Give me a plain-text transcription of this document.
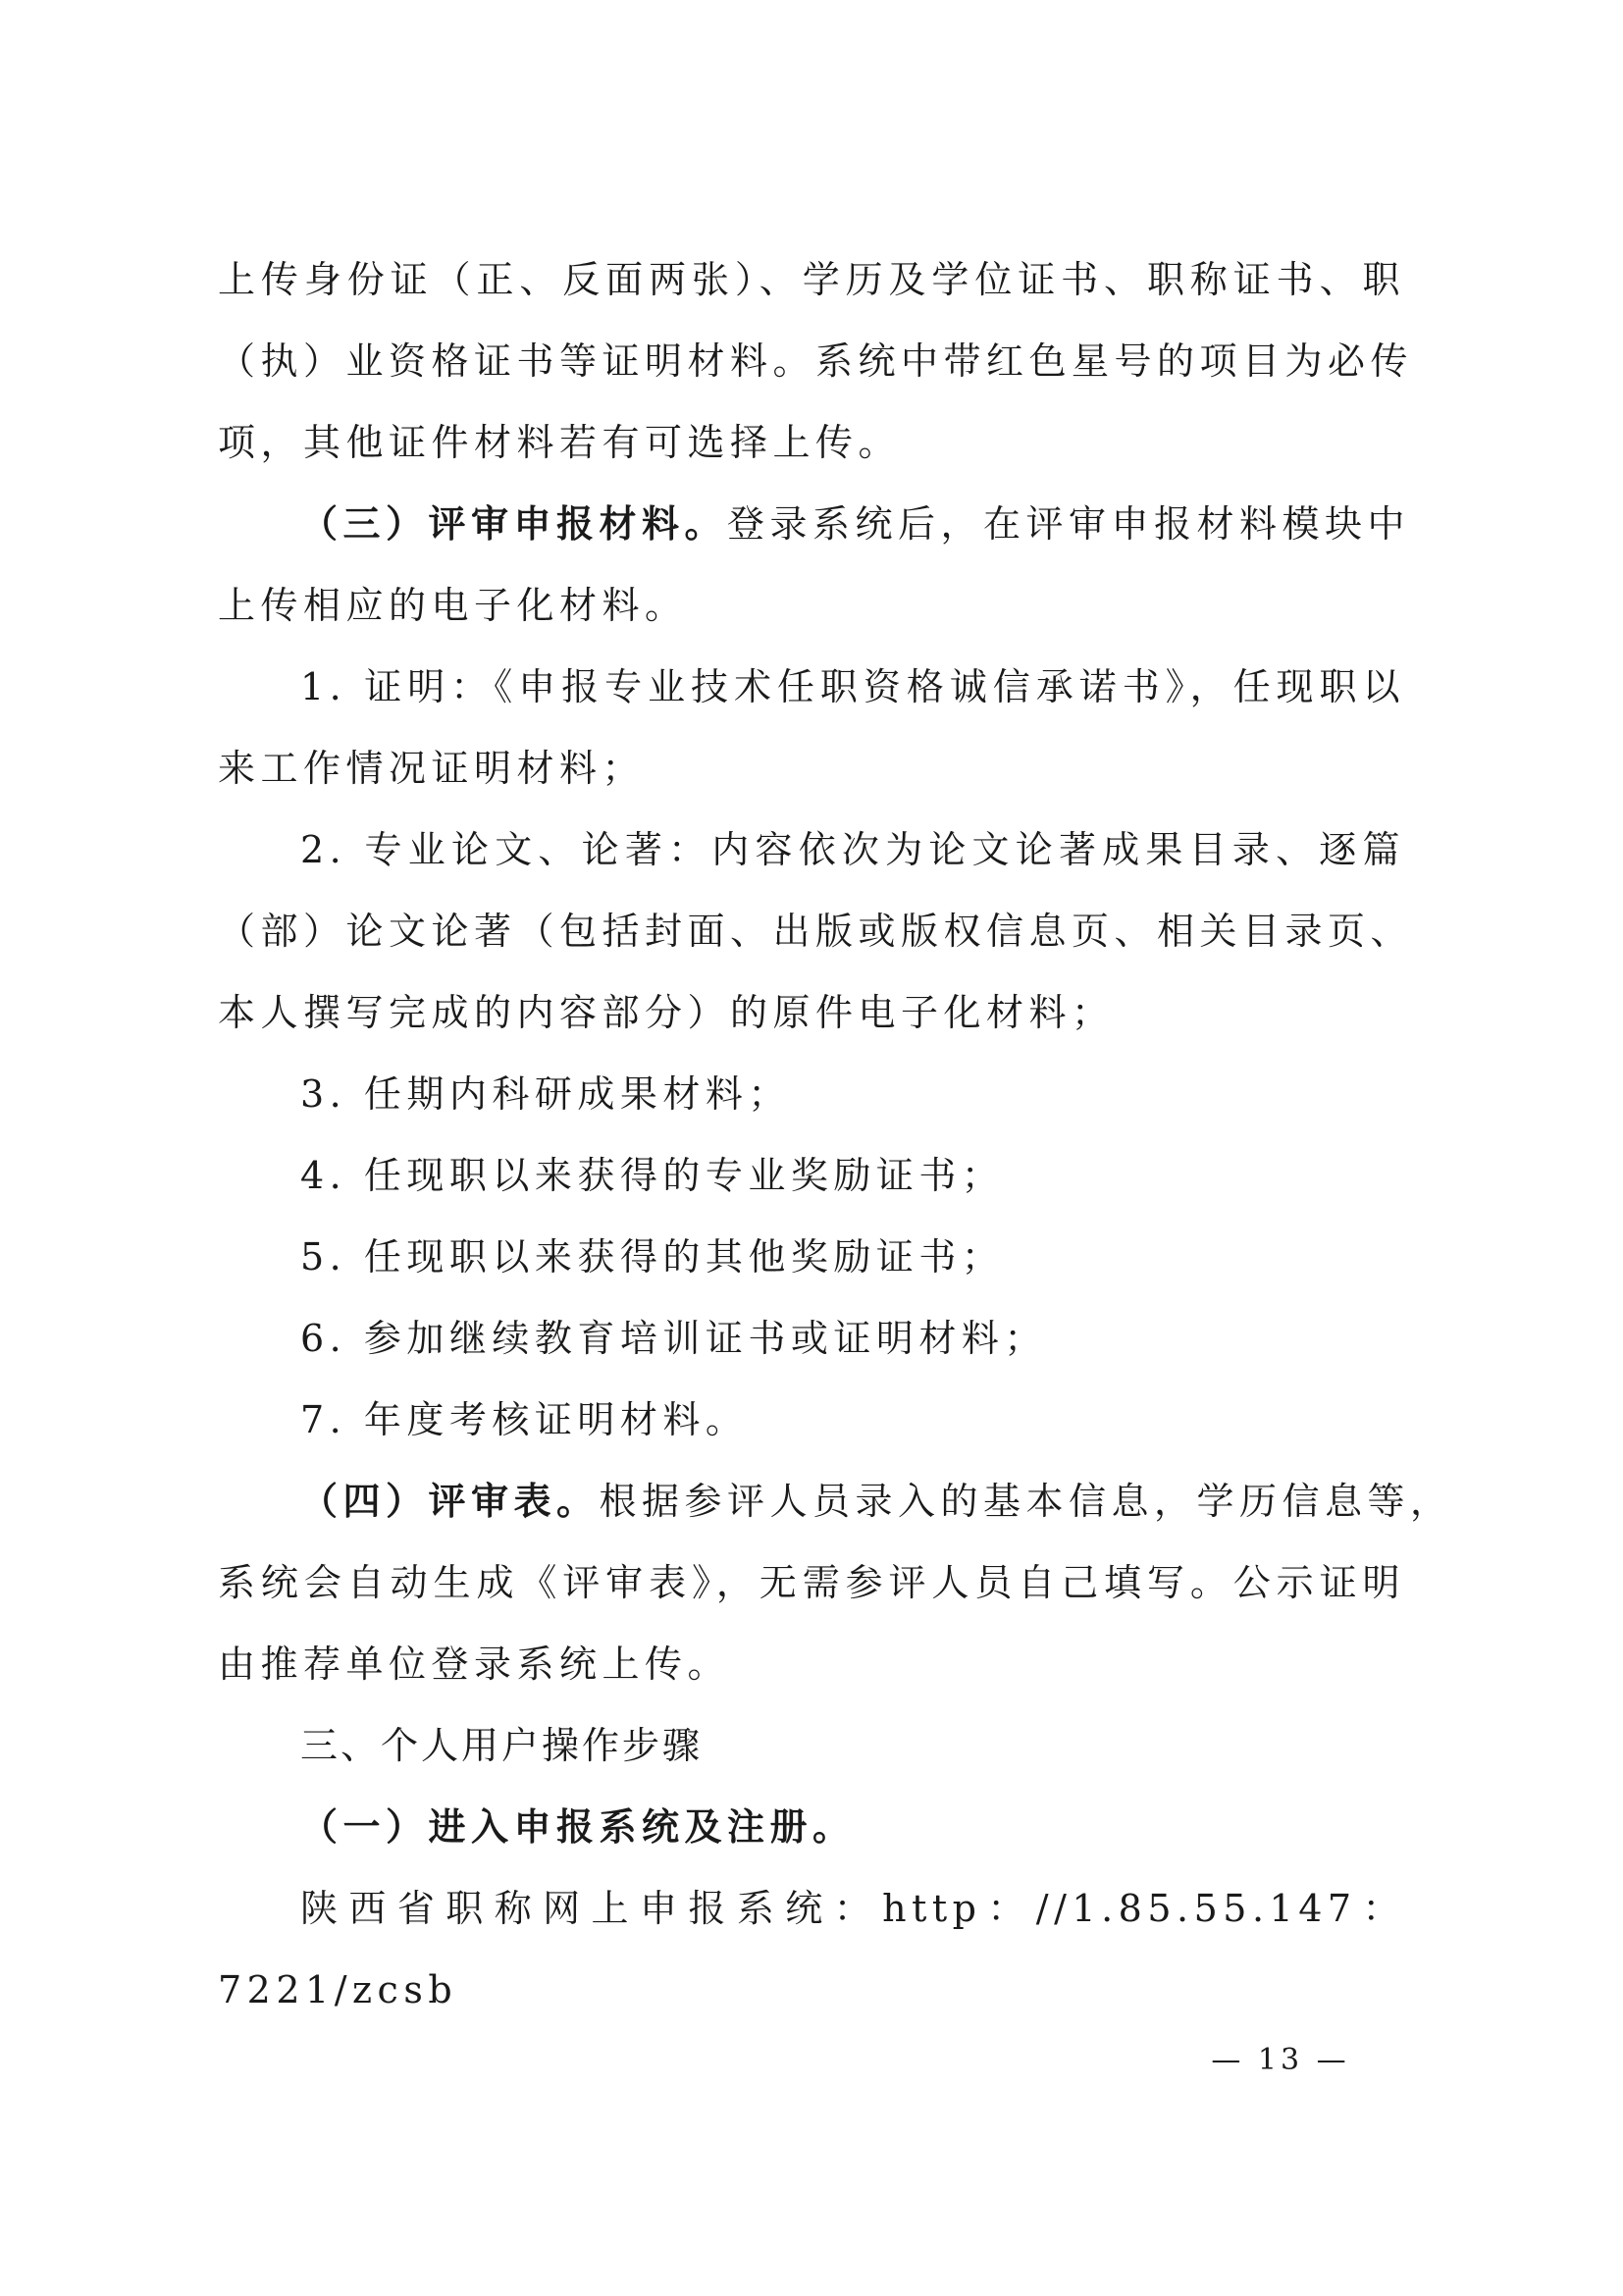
上传身份证（正、反面两张）、学历及学位证书、职称证书、职
（执）业资格证书等证明材料。系统中带红色星号的项目为必传
项，其他证件材料若有可选择上传。
（三）评审申报材料。登录系统后，在评审申报材料模块中
上传相应的电子化材料。
1. 证明：《申报专业技术任职资格诚信承诺书》，任现职以
来工作情况证明材料；
2. 专业论文、论著：内容依次为论文论著成果目录、逐篇
（部）论文论著（包括封面、出版或版权信息页、相关目录页、
本人撰写完成的内容部分）的原件电子化材料；
3. 任期内科研成果材料；
4. 任现职以来获得的专业奖励证书；
5. 任现职以来获得的其他奖励证书；
6. 参加继续教育培训证书或证明材料；
7. 年度考核证明材料。
（四）评审表。根据参评人员录入的基本信息，学历信息等，
系统会自动生成《评审表》，无需参评人员自己填写。公示证明
由推荐单位登录系统上传。
三、个人用户操作步骤
（一）进入申报系统及注册。
陕西省职称网上申报系统：http：//1.85.55.147：
7221/zcsb
— 13 —
